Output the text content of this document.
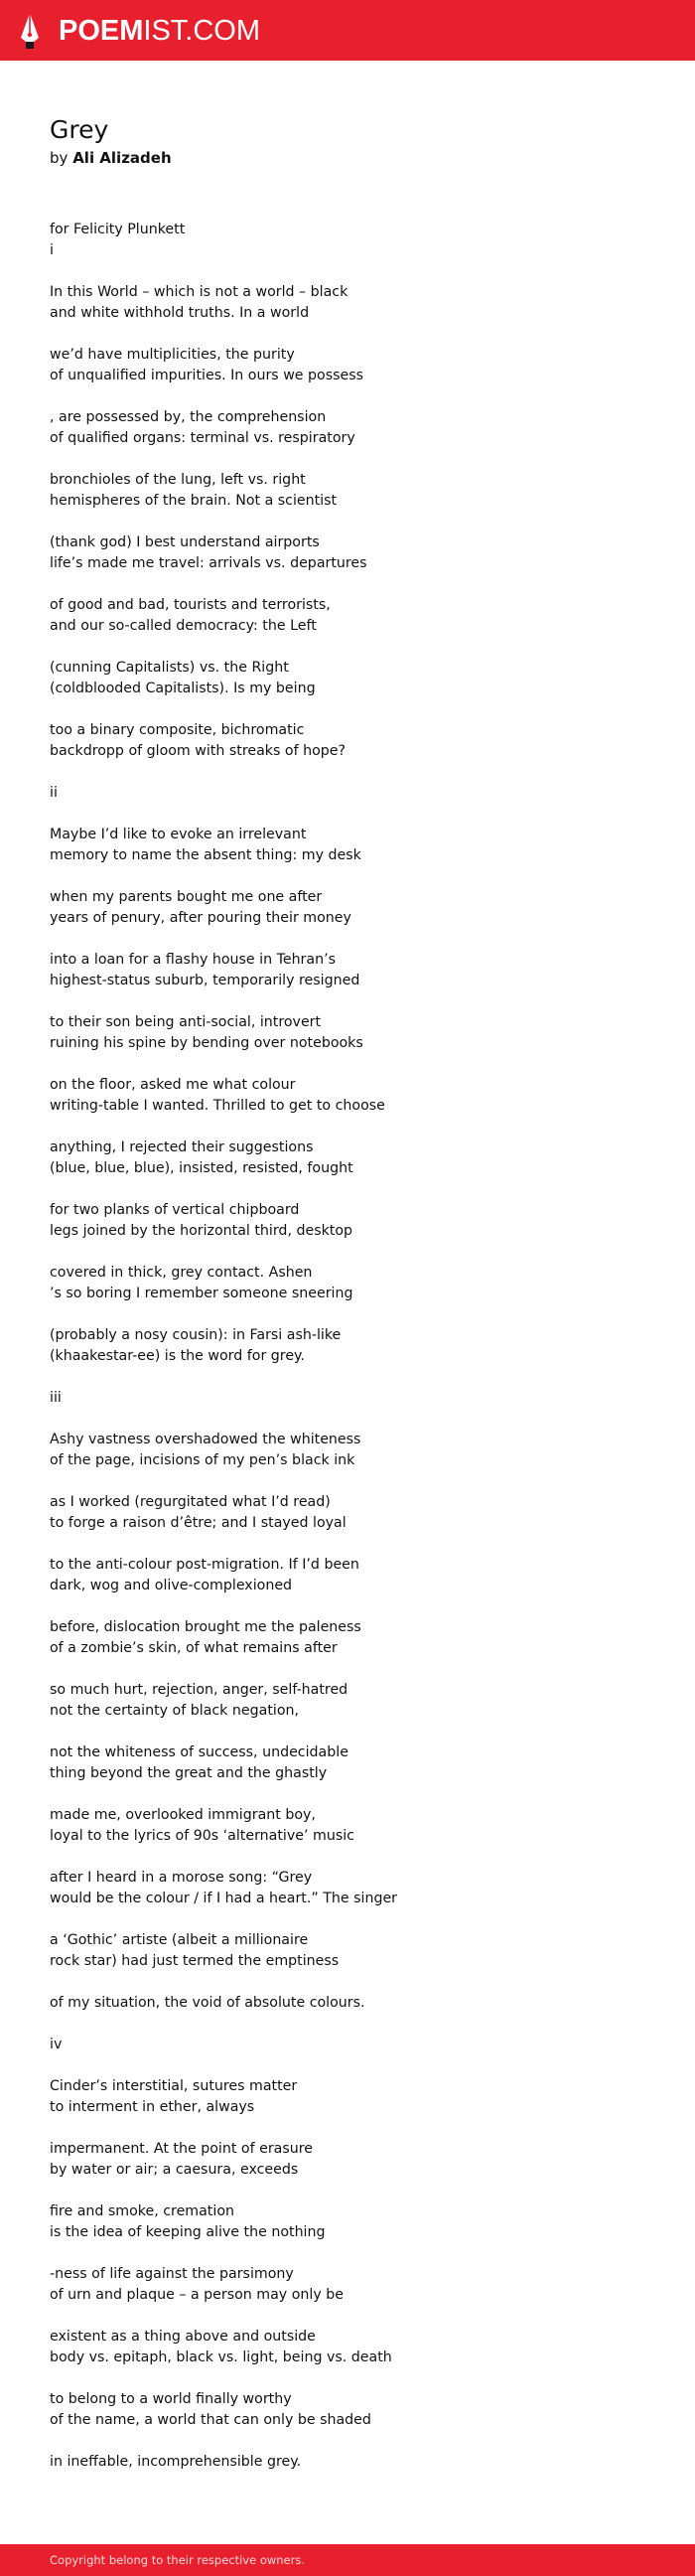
POEMIST.COM
Grey
by Ali Alizadeh
for Felicity Plunkett
i

In this World – which is not a world – black
and white withhold truths. In a world
we’d have multiplicities, the purity
of unqualified impurities. In ours we possess
, are possessed by, the comprehension
of qualified organs: terminal vs. respiratory
bronchioles of the lung, left vs. right
hemispheres of the brain. Not a scientist
(thank god) I best understand airports
life’s made me travel: arrivals vs. departures
of good and bad, tourists and terrorists,
and our so-called democracy: the Left
(cunning Capitalists) vs. the Right
(coldblooded Capitalists). Is my being
too a binary composite, bichromatic
backdropp of gloom with streaks of hope?
ii
Maybe I’d like to evoke an irrelevant
memory to name the absent thing: my desk
when my parents bought me one after
years of penury, after pouring their money
into a loan for a flashy house in Tehran’s
highest-status suburb, temporarily resigned
to their son being anti-social, introvert
ruining his spine by bending over notebooks
on the floor, asked me what colour
writing-table I wanted. Thrilled to get to choose
anything, I rejected their suggestions
(blue, blue, blue), insisted, resisted, fought
for two planks of vertical chipboard
legs joined by the horizontal third, desktop
covered in thick, grey contact. Ashen
’s so boring I remember someone sneering
(probably a nosy cousin): in Farsi ash-like
(khaakestar-ee) is the word for grey.
iii
Ashy vastness overshadowed the whiteness
of the page, incisions of my pen’s black ink
as I worked (regurgitated what I’d read)
to forge a raison d’être; and I stayed loyal
to the anti-colour post-migration. If I’d been
dark, wog and olive-complexioned
before, dislocation brought me the paleness
of a zombie’s skin, of what remains after
so much hurt, rejection, anger, self-hatred
not the certainty of black negation,
not the whiteness of success, undecidable
thing beyond the great and the ghastly
made me, overlooked immigrant boy,
loyal to the lyrics of 90s ‘alternative’ music
after I heard in a morose song: “Grey
would be the colour / if I had a heart.” The singer
a ‘Gothic’ artiste (albeit a millionaire
rock star) had just termed the emptiness
of my situation, the void of absolute colours.
iv
Cinder’s interstitial, sutures matter
to interment in ether, always
impermanent. At the point of erasure
by water or air; a caesura, exceeds
fire and smoke, cremation
is the idea of keeping alive the nothing
-ness of life against the parsimony
of urn and plaque – a person may only be
existent as a thing above and outside
body vs. epitaph, black vs. light, being vs. death
to belong to a world finally worthy
of the name, a world that can only be shaded
in ineffable, incomprehensible grey.
Copyright belong to their respective owners.
